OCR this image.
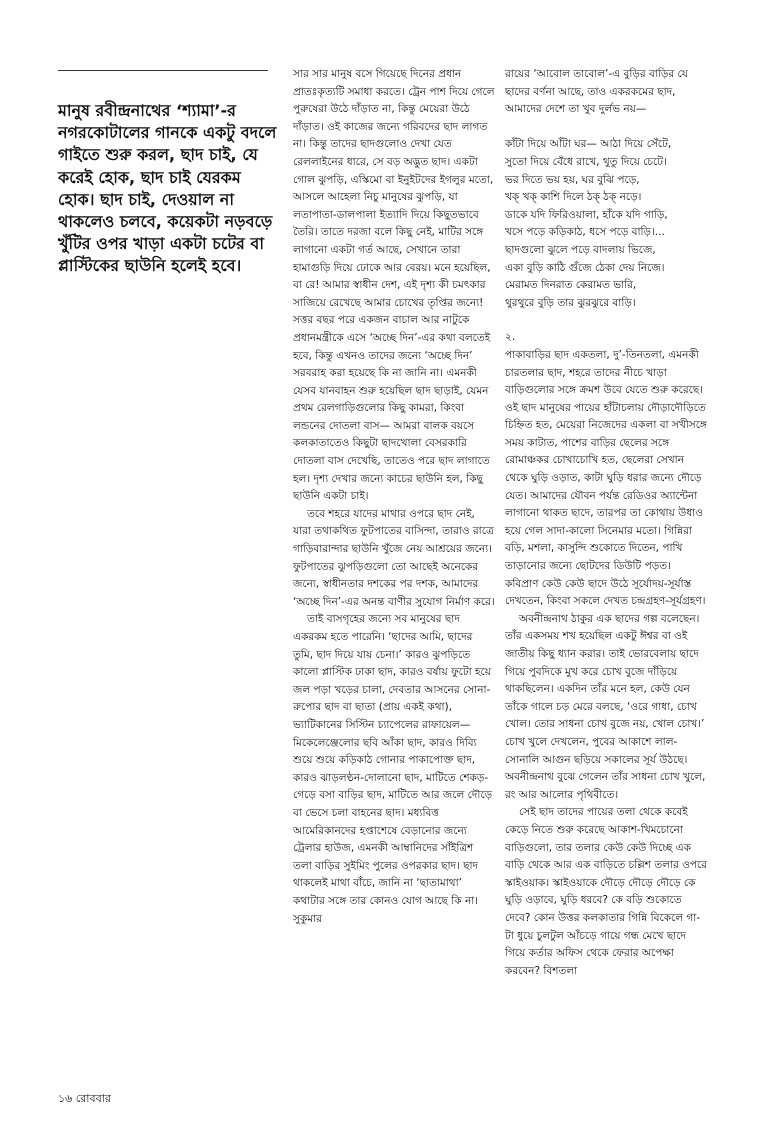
মানুষ রবীন্দ্রনাথের ‘শ্যামা’-র নগরকোটালের গানকে একটু বদলে গাইতে শুরু করল, ছাদ চাই, যে করেই হোক, ছাদ চাই যেরকম হোক। ছাদ চাই, দেওয়াল না থাকলেও চলবে, কয়েকটা নড়বড়ে খুঁটির ওপর খাড়া একটা চটের বা প্লাস্টিকের ছাউনি হলেই হবে।

সার সার মানুষ বসে গিয়েছে দিনের প্রধান প্রাতঃকৃত্যটি সমাধা করতে। ট্রেন পাশ দিয়ে গেলে পুরুষেরা উঠে দাঁড়াত না, কিন্তু মেয়েরা উঠে দাঁড়াত। ওই কাজের জন্যে গরিবদের ছাদ লাগত না। কিন্তু তাদের ছাদগুলোও দেখা যেত রেললাইনের ধারে, সে বড় অদ্ভুত ছাদ। একটা গোল ঝুপড়ি, এস্কিমো বা ইনুইটদের ইগলুর মতো, আসলে আহেলা নিচু মানুষের ঝুপড়ি, যা লতাপাতা-ডালপালা ইত্যাদি দিয়ে কিছুতভাবে তৈরি। তাতে দরজা বলে কিছু নেই, মাটির সঙ্গে লাগানো একটা গর্ত আছে, সেখানে তারা হামাগুড়ি দিয়ে ঢোকে আর বেরয়। মনে হয়েছিল, বা রে! আমার স্বাধীন দেশ, এই দৃশ্য কী চমৎকার সাজিয়ে রেখেছে আমার চোখের তৃপ্তির জন্যে! সত্তর বছর পরে একজন বাচাল আর নাটুকে প্রধানমন্ত্রীকে এসে ‘অচ্ছে দিন’-এর কথা বলতেই হবে, কিন্তু এখনও তাদের জন্যে ‘অচ্ছে দিন’ সরবরাহ করা হয়েছে কি না জানি না। এমনকী যেসব যানবাহন শুরু হয়েছিল ছাদ ছাড়াই, যেমন প্রথম রেলগাড়িগুলোর কিছু কামরা, কিংবা লন্ডনের দোতলা বাস— আমরা বালক বয়সে কলকাতাতেও কিছুটা ছাদখোলা বেসরকারি দোতলা বাস দেখেছি, তাতেও পরে ছাদ লাগাতে হল। দৃশ্য দেখার জন্যে কাচের ছাউনি হল, কিছু ছাউনি একটা চাই।

তবে শহরে যাদের মাথার ওপরে ছাদ নেই, যারা তথাকথিত ফুটপাতের বাসিন্দা, তারাও রাত্রে গাড়িবারান্দার ছাউনি খুঁজে নেয় আশ্রয়ের জন্যে। ফুটপাতের ঝুপড়িগুলো তো আছেই অনেকের জন্যে, স্বাধীনতার দশকের পর দশক, আমাদের ‘অচ্ছে দিন’-এর অনন্ত বাণীর সুযোগ নির্মাণ করে।

তাই বাসগৃহের জন্যে সব মানুষের ছাদ একরকম হতে পারেনি। ‘ছাদের আমি, ছাদের তুমি, ছাদ দিয়ে যায় চেনা।’ কারও ঝুপড়িতে কালো প্লাস্টিক ঢাকা ছাদ, কারও বর্ষায় ফুটো হয়ে জল পড়া খড়ের চালা, দেবতার আসনের সোনা-রুপোর ছাদ বা ছাতা (প্রায় একই কথা), ভ্যাটিকানের সিস্টিন চ্যাপেলের রাফায়েল— মিকেলেঞ্জেলোর ছবি আঁকা ছাদ, কারও দিব্যি শুয়ে শুয়ে কড়িকাঠ গোনার পাকাপোক্ত ছাদ, কারও ঝাড়লণ্ঠন-দোলানো ছাদ, মাটিতে শেকড়-গেড়ে বসা বাড়ির ছাদ, মাটিতে আর জলে দৌড়ে বা ভেসে চলা বাহনের ছাদ। মধ্যবিত্ত আমেরিকানদের হপ্তাশেষে বেড়ানোর জন্যে ট্রেলার হাউজ, এমনকী আম্বানিদের সাঁইত্রিশ তলা বাড়ির সুইমিং পুলের ওপরকার ছাদ। ছাদ থাকলেই মাথা বাঁচে, জানি না ‘ছাতামাথা’ কথাটার সঙ্গে তার কোনও যোগ আছে কি না। সুকুমার

রায়ের ‘আবোল তাবোল’-এ বুড়ির বাড়ির যে ছাদের বর্ণনা আছে, তাও একরকমের ছাদ, আমাদের দেশে তা খুব দুর্লভ নয়—

কাঁটা দিয়ে আঁটা ঘর— আঠা দিয়ে সেঁটে,

সুতো দিয়ে বেঁধে রাখে, থুতু দিয়ে চেটে।

ভর দিতে ভয় হয়, ঘর বুঝি পড়ে,

খক্ খক্ কাশি দিলে ঠক্ ঠক্ নড়ে।

ডাকে যদি ফিরিওয়ালা, হাঁকে যদি গাড়ি,

খসে পড়ে কড়িকাঠ, ধসে পড়ে বাড়ি।...

ছাদগুলো ঝুলে পড়ে বাদলায় ভিজে,

একা বুড়ি কাঠি গুঁজে ঠেকা দেয় নিজে।

মেরামত দিনরাত কেরামত ভারি,

থুরথুরে বুড়ি তার ঝুরঝুরে বাড়ি।

২.

পাকাবাড়ির ছাদ একতলা, দু’-তিনতলা, এমনকী চারতলার ছাদ, শহরে তাদের নীচে খাড়া বাড়িগুলোর সঙ্গে ক্রমশ উবে যেতে শুরু করেছে। ওই ছাদ মানুষের পায়ের হাঁটাচলায় দৌড়াদৌড়িতে চিহ্নিত হত, মেয়েরা নিজেদের একলা বা সখীসঙ্গে সময় কাটাত, পাশের বাড়ির ছেলের সঙ্গে রোমাঞ্চকর চোখাচোখি হত, ছেলেরা সেখান থেকে ঘুড়ি ওড়াত, কাটা ঘুড়ি ধরার জন্যে দৌড়ে যেত। আমাদের যৌবন পর্যন্ত রেডিওর অ্যান্টেনা লাগানো থাকত ছাদে, তারপর তা কোথায় উধাও হয়ে গেল সাদা-কালো সিনেমার মতো। গিন্নিরা বড়ি, মশলা, কাসুন্দি শুকোতে দিতেন, পাখি তাড়ানোর জন্যে ছোটদের ডিউটি পড়ত। কবিপ্রাণ কেউ কেউ ছাদে উঠে সূর্যোদয়-সূর্যাস্ত দেখতেন, কিংবা সকলে দেখত চন্দ্রগ্রহণ-সূর্যগ্রহণ।

অবনীন্দ্রনাথ ঠাকুর এক ছাদের গল্প বলেছেন। তাঁর একসময় শখ হয়েছিল একটু ঈশ্বর বা ওই জাতীয় কিছু ধ্যান করার। তাই ভোরবেলায় ছাদে গিয়ে পুবদিকে মুখ করে চোখ বুজে দাঁড়িয়ে থাকছিলেন। একদিন তাঁর মনে হল, কেউ যেন তাঁকে গালে চড় মেরে বলছে, ‘ওরে গাধা, চোখ খোল। তোর সাধনা চোখ বুজে নয়, খোল চোখ।’ চোখ খুলে দেখলেন, পুবের আকাশে লাল-সোনালি আগুন ছড়িয়ে সকালের সূর্য উঠছে। অবনীন্দ্রনাথ বুঝে গেলেন তাঁর সাধনা চোখ খুলে, রং আর আলোর পৃথিবীতে।

সেই ছাদ তাদের পায়ের তলা থেকে কবেই কেড়ে নিতে শুরু করেছে আকাশ-খিমচোনো বাড়িগুলো, তার তলার কেউ কেউ দিচ্ছে এক বাড়ি থেকে আর এক বাড়িতে চল্লিশ তলার ওপরে স্কাইওয়াক। স্কাইওয়াকে দৌড়ে দৌড়ে দৌড়ে কে ঘুড়ি ওড়াবে, ঘুড়ি ধরবে? কে বড়ি শুকোতে দেবে? কোন উত্তর কলকাতার গিন্নি বিকেলে গা-টা ধুয়ে চুলটুল আঁচড়ে গায়ে গন্ধ মেখে ছাদে গিয়ে কর্তার অফিস থেকে ফেরার অপেক্ষা করবেন? বিশতলা

১৬ রোববার
